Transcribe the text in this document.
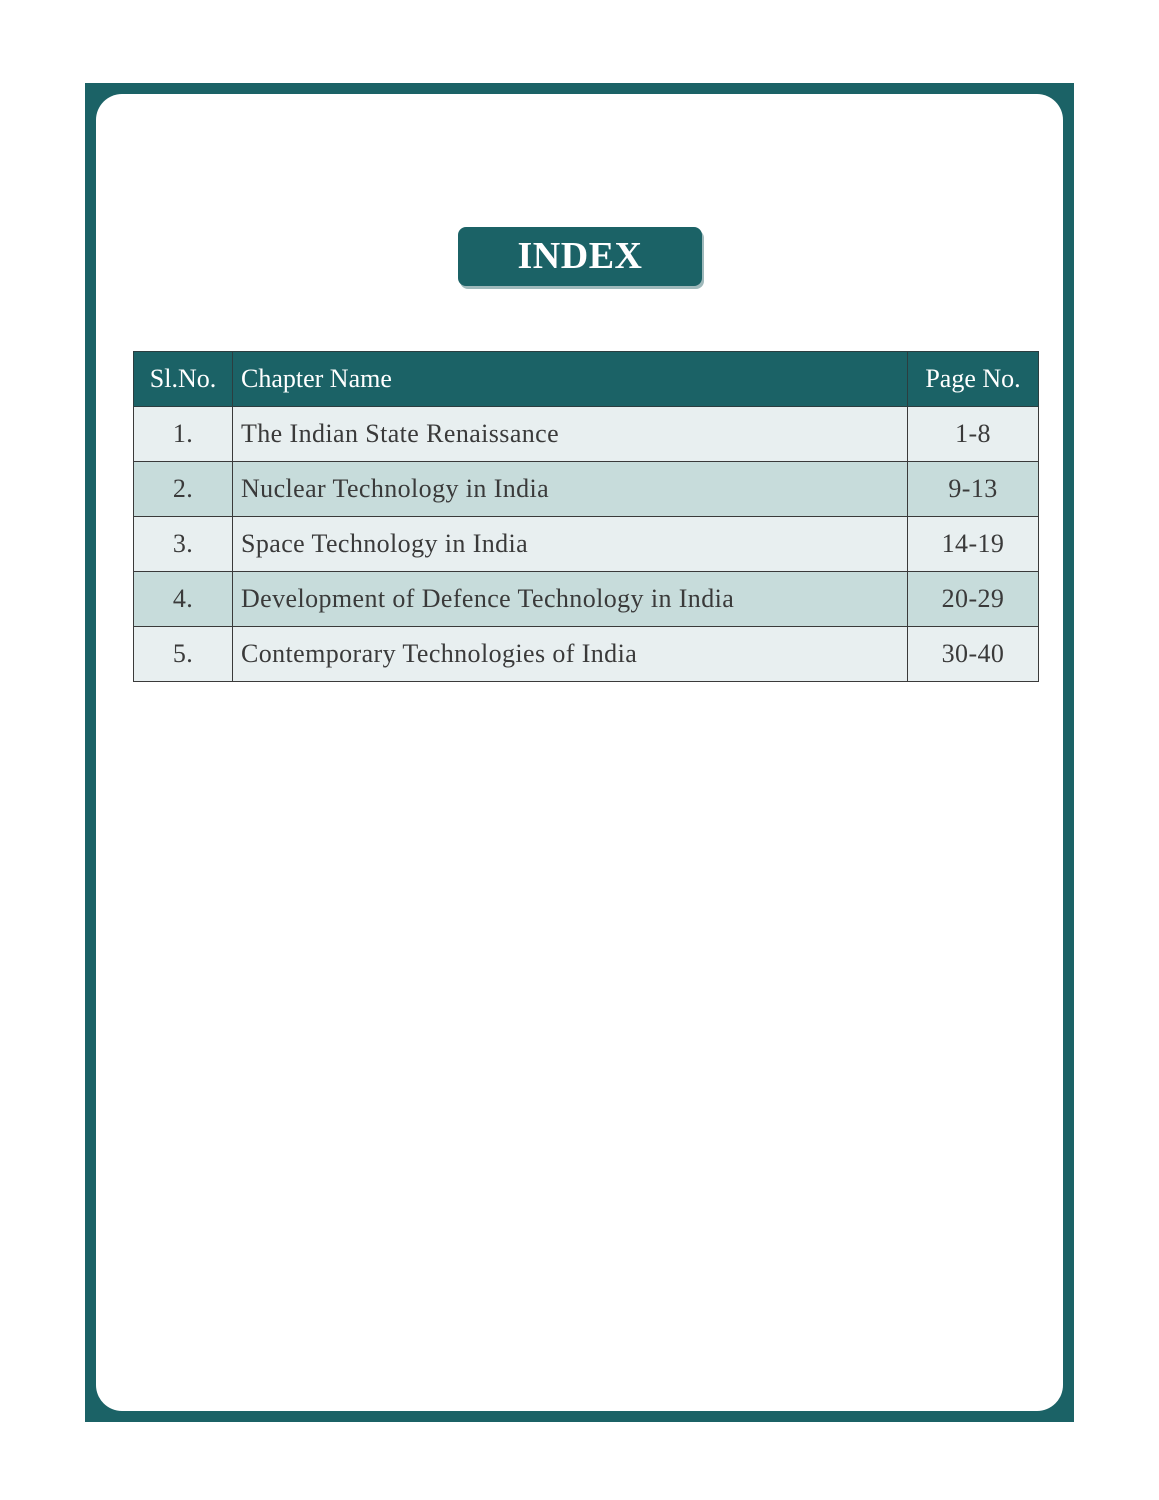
INDEX
Sl.No.	Chapter Name	Page No.
1.	The Indian State Renaissance	1-8
2.	Nuclear Technology in India	9-13
3.	Space Technology in India	14-19
4.	Development of Defence Technology in India	20-29
5.	Contemporary Technologies of India	30-40
